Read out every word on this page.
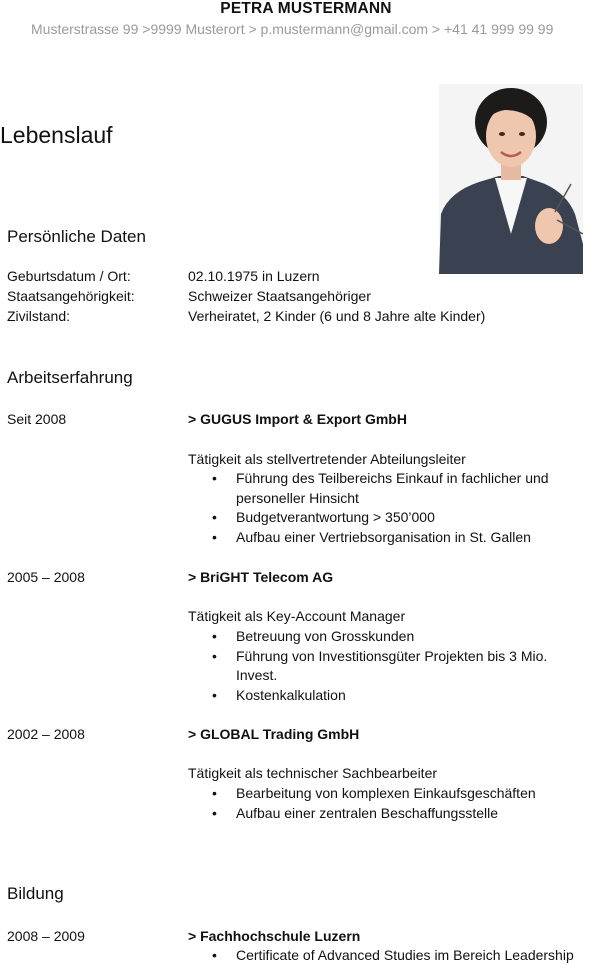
PETRA MUSTERMANN
Musterstrasse 99 >9999 Musterort > p.mustermann@gmail.com > +41 41 999 99 99
Lebenslauf
Persönliche Daten
Geburtsdatum / Ort:	02.10.1975 in Luzern
Staatsangehörigkeit:	Schweizer Staatsangehöriger
Zivilstand:	Verheiratet, 2 Kinder (6 und 8 Jahre alte Kinder)
Arbeitserfahrung
Seit 2008	> GUGUS Import & Export GmbH
Tätigkeit als stellvertretender Abteilungsleiter
• Führung des Teilbereichs Einkauf in fachlicher und personeller Hinsicht
• Budgetverantwortung > 350’000
• Aufbau einer Vertriebsorganisation in St. Gallen
2005 – 2008	> BriGHT Telecom AG
Tätigkeit als Key-Account Manager
• Betreuung von Grosskunden
• Führung von Investitionsgüter Projekten bis 3 Mio. Invest.
• Kostenkalkulation
2002 – 2008	> GLOBAL Trading GmbH
Tätigkeit als technischer Sachbearbeiter
• Bearbeitung von komplexen Einkaufsgeschäften
• Aufbau einer zentralen Beschaffungsstelle
Bildung
2008 – 2009	> Fachhochschule Luzern
• Certificate of Advanced Studies im Bereich Leadership
